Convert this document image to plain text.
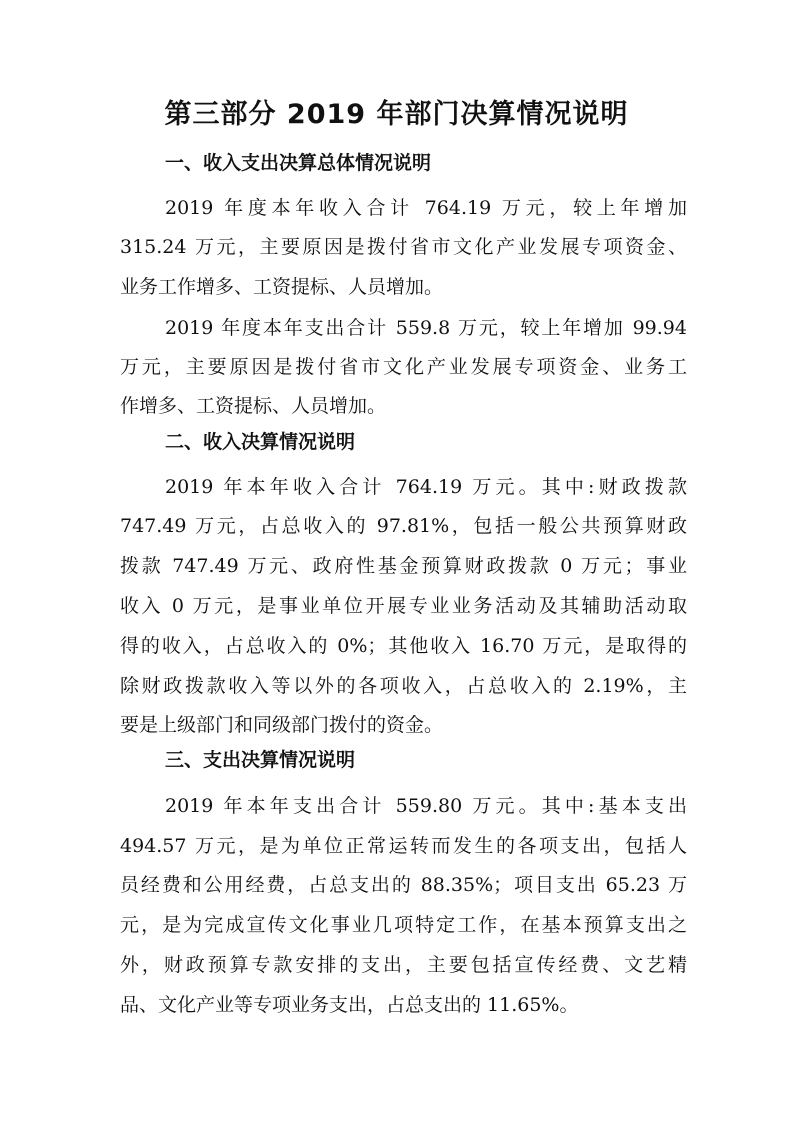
第三部分 2019 年部门决算情况说明
一、收入支出决算总体情况说明
2019 年度本年收入合计 764.19 万元，较上年增加
315.24 万元，主要原因是拨付省市文化产业发展专项资金、
业务工作增多、工资提标、人员增加。
2019 年度本年支出合计 559.8 万元，较上年增加 99.94
万元，主要原因是拨付省市文化产业发展专项资金、业务工
作增多、工资提标、人员增加。
二、收入决算情况说明
2019 年本年收入合计 764.19 万元。其中:财政拨款
747.49 万元，占总收入的 97.81%，包括一般公共预算财政
拨款 747.49 万元、政府性基金预算财政拨款 0 万元；事业
收入 0 万元，是事业单位开展专业业务活动及其辅助活动取
得的收入，占总收入的 0%；其他收入 16.70 万元，是取得的
除财政拨款收入等以外的各项收入，占总收入的 2.19%，主
要是上级部门和同级部门拨付的资金。
三、支出决算情况说明
2019 年本年支出合计 559.80 万元。其中:基本支出
494.57 万元，是为单位正常运转而发生的各项支出，包括人
员经费和公用经费，占总支出的 88.35%；项目支出 65.23 万
元，是为完成宣传文化事业几项特定工作，在基本预算支出之
外，财政预算专款安排的支出，主要包括宣传经费、文艺精
品、文化产业等专项业务支出，占总支出的 11.65%。
